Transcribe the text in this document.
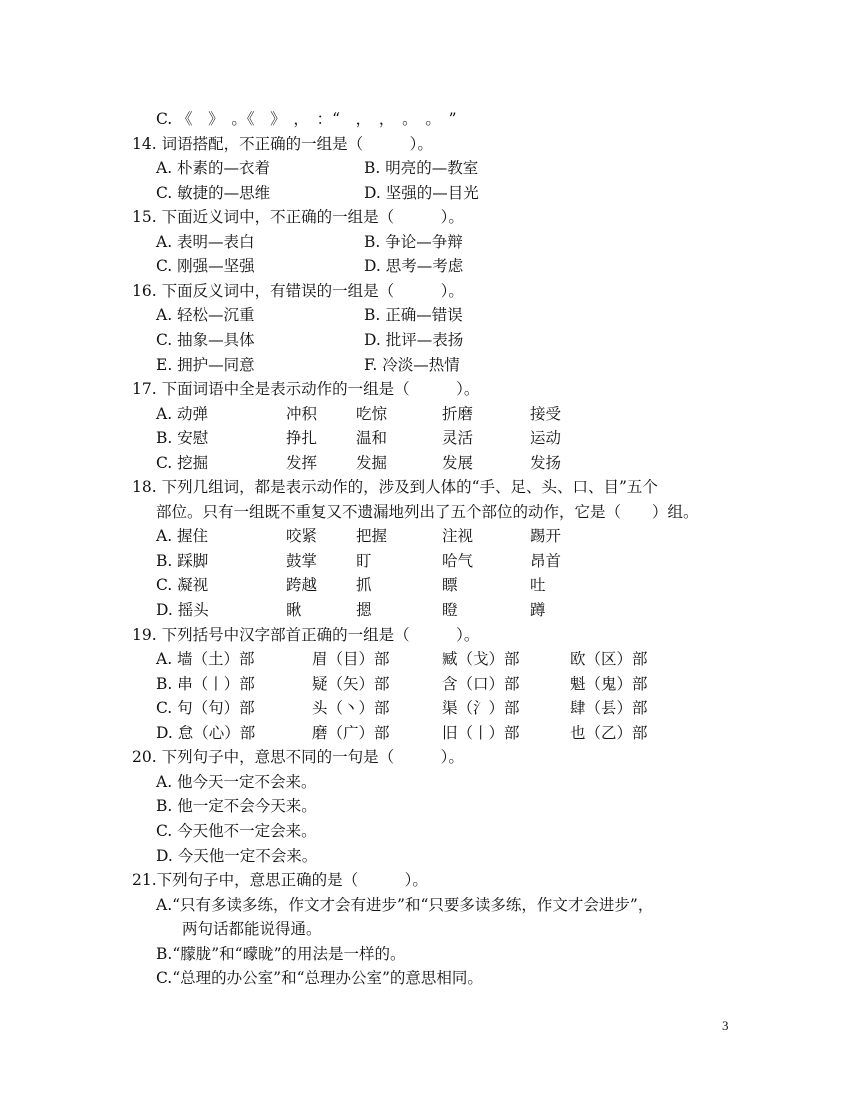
3
C. 《　》　。《　》　，　：“　，　，　。　。　”
14. 词语搭配，不正确的一组是（　　　）。
A. 朴素的—衣着	B. 明亮的—教室
C. 敏捷的—思维	D. 坚强的—目光
15. 下面近义词中，不正确的一组是（　　　）。
A. 表明—表白	B. 争论—争辩
C. 刚强—坚强	D. 思考—考虑
16. 下面反义词中，有错误的一组是（　　　）。
A. 轻松—沉重	B. 正确—错误
C. 抽象—具体	D. 批评—表扬
E. 拥护—同意	F. 冷淡—热情
17. 下面词语中全是表示动作的一组是（　　　）。
A. 动弹	冲积	吃惊	折磨	接受
B. 安慰	挣扎	温和	灵活	运动
C. 挖掘	发挥	发掘	发展	发扬
18. 下列几组词，都是表示动作的，涉及到人体的“手、足、头、口、目”五个
部位。只有一组既不重复又不遗漏地列出了五个部位的动作，它是（　　）组。
A. 握住	咬紧	把握	注视	踢开
B. 踩脚	鼓掌	盯	哈气	昂首
C. 凝视	跨越	抓	瞟	吐
D. 摇头	瞅	摁	瞪	蹲
19. 下列括号中汉字部首正确的一组是（　　　）。
A. 墙（土）部	眉（目）部	臧（戈）部	欧（区）部
B. 串（丨）部	疑（矢）部	含（口）部	魁（鬼）部
C. 句（句）部	头（丶）部	渠（氵）部	肆（镸）部
D. 怠（心）部	磨（广）部	旧（丨）部	也（乙）部
20. 下列句子中，意思不同的一句是（　　　）。
A. 他今天一定不会来。
B. 他一定不会今天来。
C. 今天他不一定会来。
D. 今天他一定不会来。
21.下列句子中，意思正确的是（　　　）。
A.“只有多读多练，作文才会有进步”和“只要多读多练，作文才会进步”，
两句话都能说得通。
B.“朦胧”和“曚昽”的用法是一样的。
C.“总理的办公室”和“总理办公室”的意思相同。
